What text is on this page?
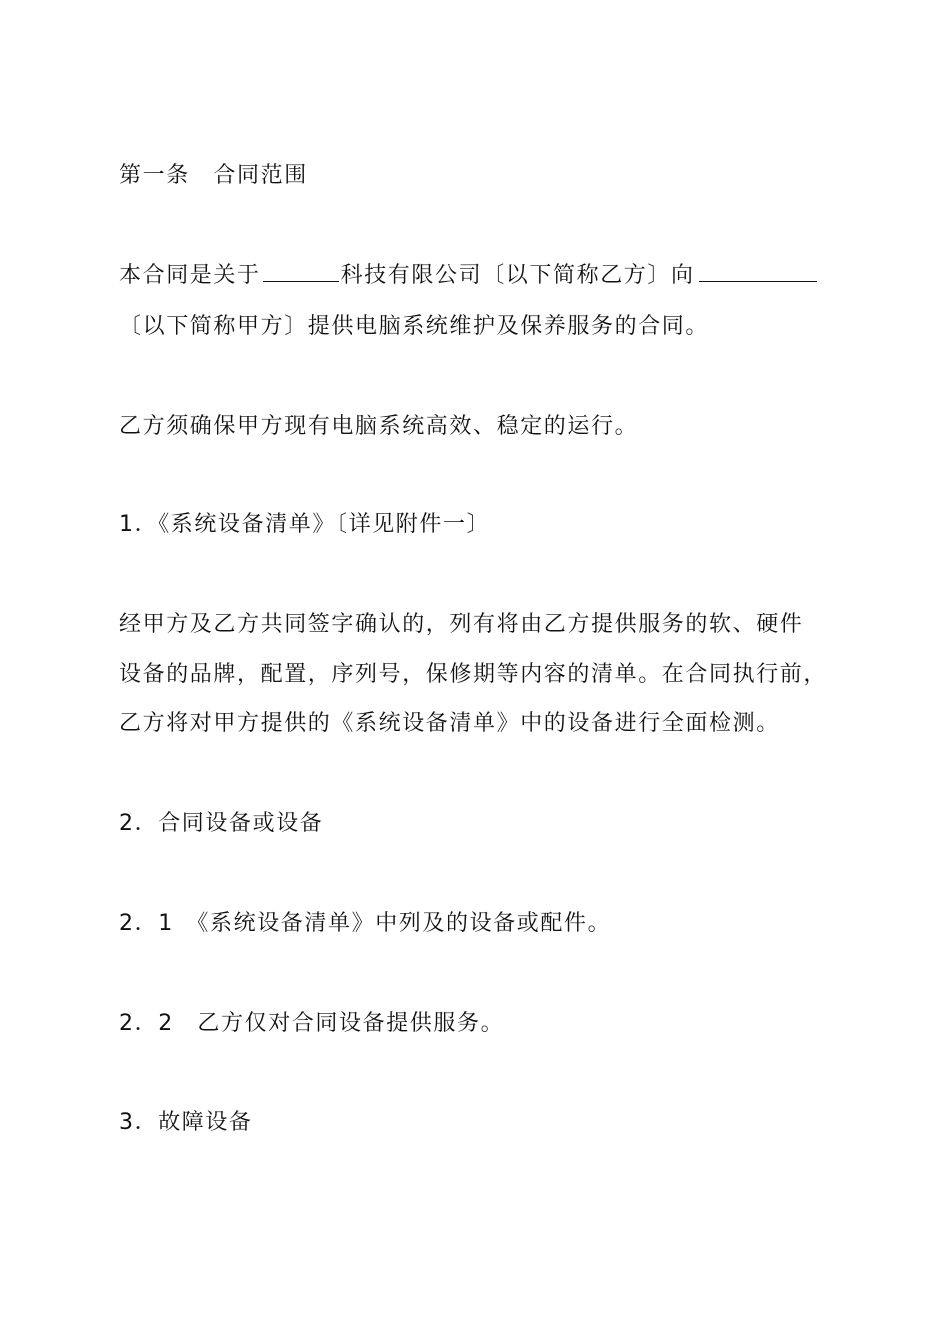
第一条　合同范围
本合同是关于	科技有限公司〔以下简称乙方〕向
〔以下简称甲方〕提供电脑系统维护及保养服务的合同。
乙方须确保甲方现有电脑系统高效、稳定的运行。
1．《系统设备清单》〔详见附件一〕
经甲方及乙方共同签字确认的，列有将由乙方提供服务的软、硬件
设备的品牌，配置，序列号，保修期等内容的清单。在合同执行前，
乙方将对甲方提供的《系统设备清单》中的设备进行全面检测。
2．合同设备或设备
2．1　《系统设备清单》中列及的设备或配件。
2．2　乙方仅对合同设备提供服务。
3．故障设备
